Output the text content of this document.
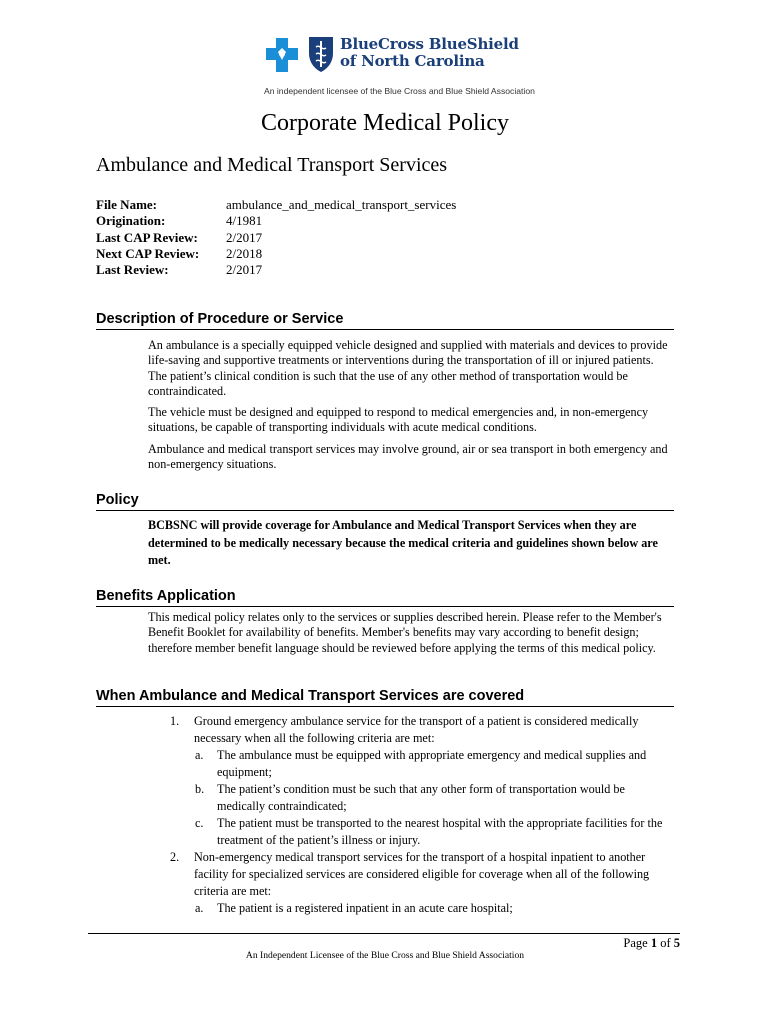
BlueCross BlueShield
of North Carolina
An independent licensee of the Blue Cross and Blue Shield Association
Corporate Medical Policy
Ambulance and Medical Transport Services
File Name:	ambulance_and_medical_transport_services
Origination:	4/1981
Last CAP Review:	2/2017
Next CAP Review:	2/2018
Last Review:	2/2017
Description of Procedure or Service

An ambulance is a specially equipped vehicle designed and supplied with materials and devices to provide life-saving and supportive treatments or interventions during the transportation of ill or injured patients. The patient’s clinical condition is such that the use of any other method of transportation would be contraindicated.

The vehicle must be designed and equipped to respond to medical emergencies and, in non-emergency situations, be capable of transporting individuals with acute medical conditions.

Ambulance and medical transport services may involve ground, air or sea transport in both emergency and non-emergency situations.

Policy
BCBSNC will provide coverage for Ambulance and Medical Transport Services when they are determined to be medically necessary because the medical criteria and guidelines shown below are met.
Benefits Application
This medical policy relates only to the services or supplies described herein. Please refer to the Member's Benefit Booklet for availability of benefits. Member's benefits may vary according to benefit design; therefore member benefit language should be reviewed before applying the terms of this medical policy.
When Ambulance and Medical Transport Services are covered
1. Ground emergency ambulance service for the transport of a patient is considered medically necessary when all the following criteria are met:
a. The ambulance must be equipped with appropriate emergency and medical supplies and equipment;
b. The patient’s condition must be such that any other form of transportation would be medically contraindicated;
c. The patient must be transported to the nearest hospital with the appropriate facilities for the treatment of the patient’s illness or injury.
2. Non-emergency medical transport services for the transport of a hospital inpatient to another facility for specialized services are considered eligible for coverage when all of the following criteria are met:
a. The patient is a registered inpatient in an acute care hospital;
Page 1 of 5
An Independent Licensee of the Blue Cross and Blue Shield Association
